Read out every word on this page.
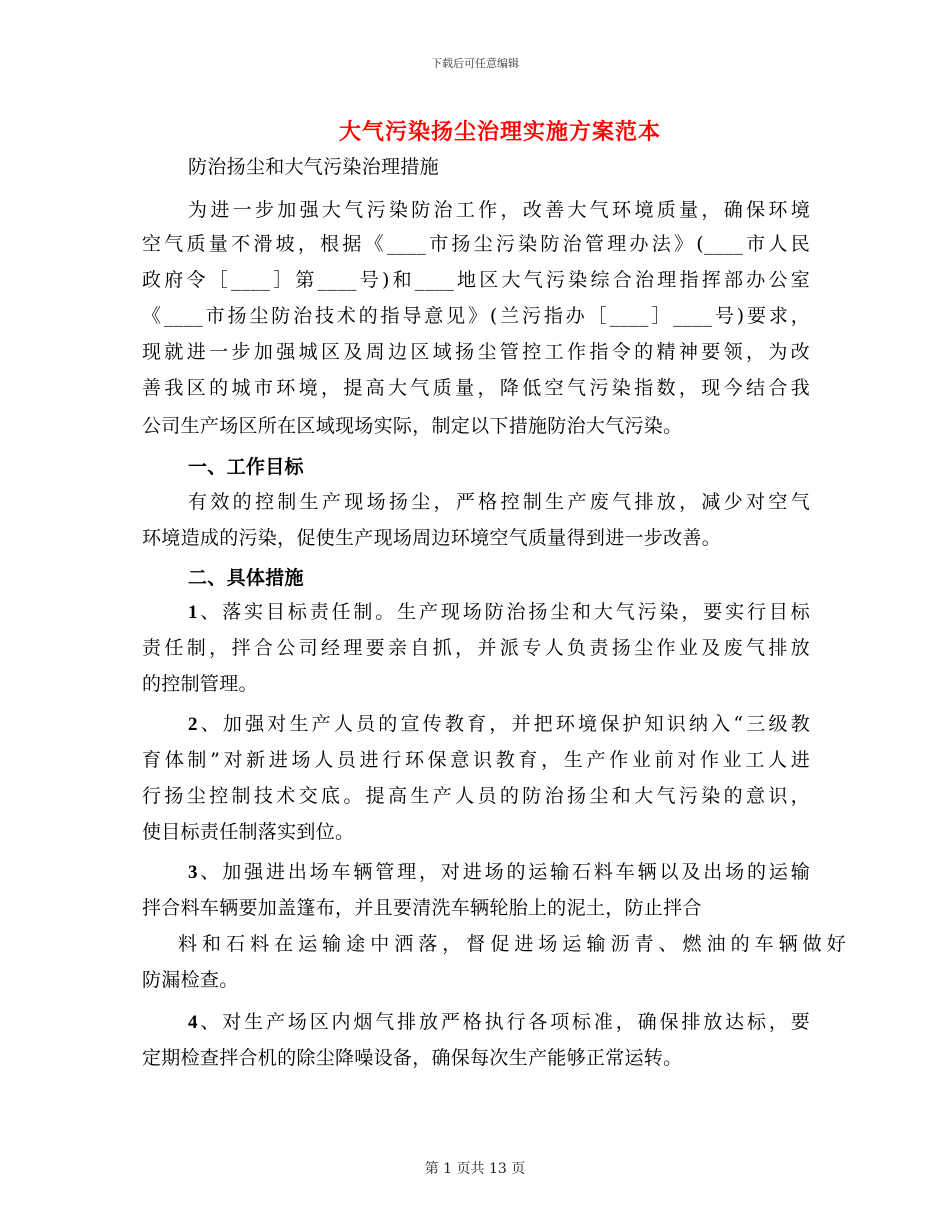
下载后可任意编辑
大气污染扬尘治理实施方案范本
防治扬尘和大气污染治理措施
为进一步加强大气污染防治工作，改善大气环境质量，确保环境
空气质量不滑坡，根据《____市扬尘污染防治管理办法》(____市人民
政府令［____］第____号)和____地区大气污染综合治理指挥部办公室
《____市扬尘防治技术的指导意见》(兰污指办［____］____号)要求，
现就进一步加强城区及周边区域扬尘管控工作指令的精神要领，为改
善我区的城市环境，提高大气质量，降低空气污染指数，现今结合我
公司生产场区所在区域现场实际，制定以下措施防治大气污染。
一、工作目标
有效的控制生产现场扬尘，严格控制生产废气排放，减少对空气
环境造成的污染，促使生产现场周边环境空气质量得到进一步改善。
二、具体措施
1、落实目标责任制。生产现场防治扬尘和大气污染，要实行目标
责任制，拌合公司经理要亲自抓，并派专人负责扬尘作业及废气排放
的控制管理。
2、加强对生产人员的宣传教育，并把环境保护知识纳入“三级教
育体制”对新进场人员进行环保意识教育，生产作业前对作业工人进
行扬尘控制技术交底。提高生产人员的防治扬尘和大气污染的意识，
使目标责任制落实到位。
3、加强进出场车辆管理，对进场的运输石料车辆以及出场的运输
拌合料车辆要加盖篷布，并且要清洗车辆轮胎上的泥土，防止拌合
料和石料在运输途中洒落，督促进场运输沥青、燃油的车辆做好
防漏检查。
4、对生产场区内烟气排放严格执行各项标准，确保排放达标，要
定期检查拌合机的除尘降噪设备，确保每次生产能够正常运转。
第 1 页共 13 页
